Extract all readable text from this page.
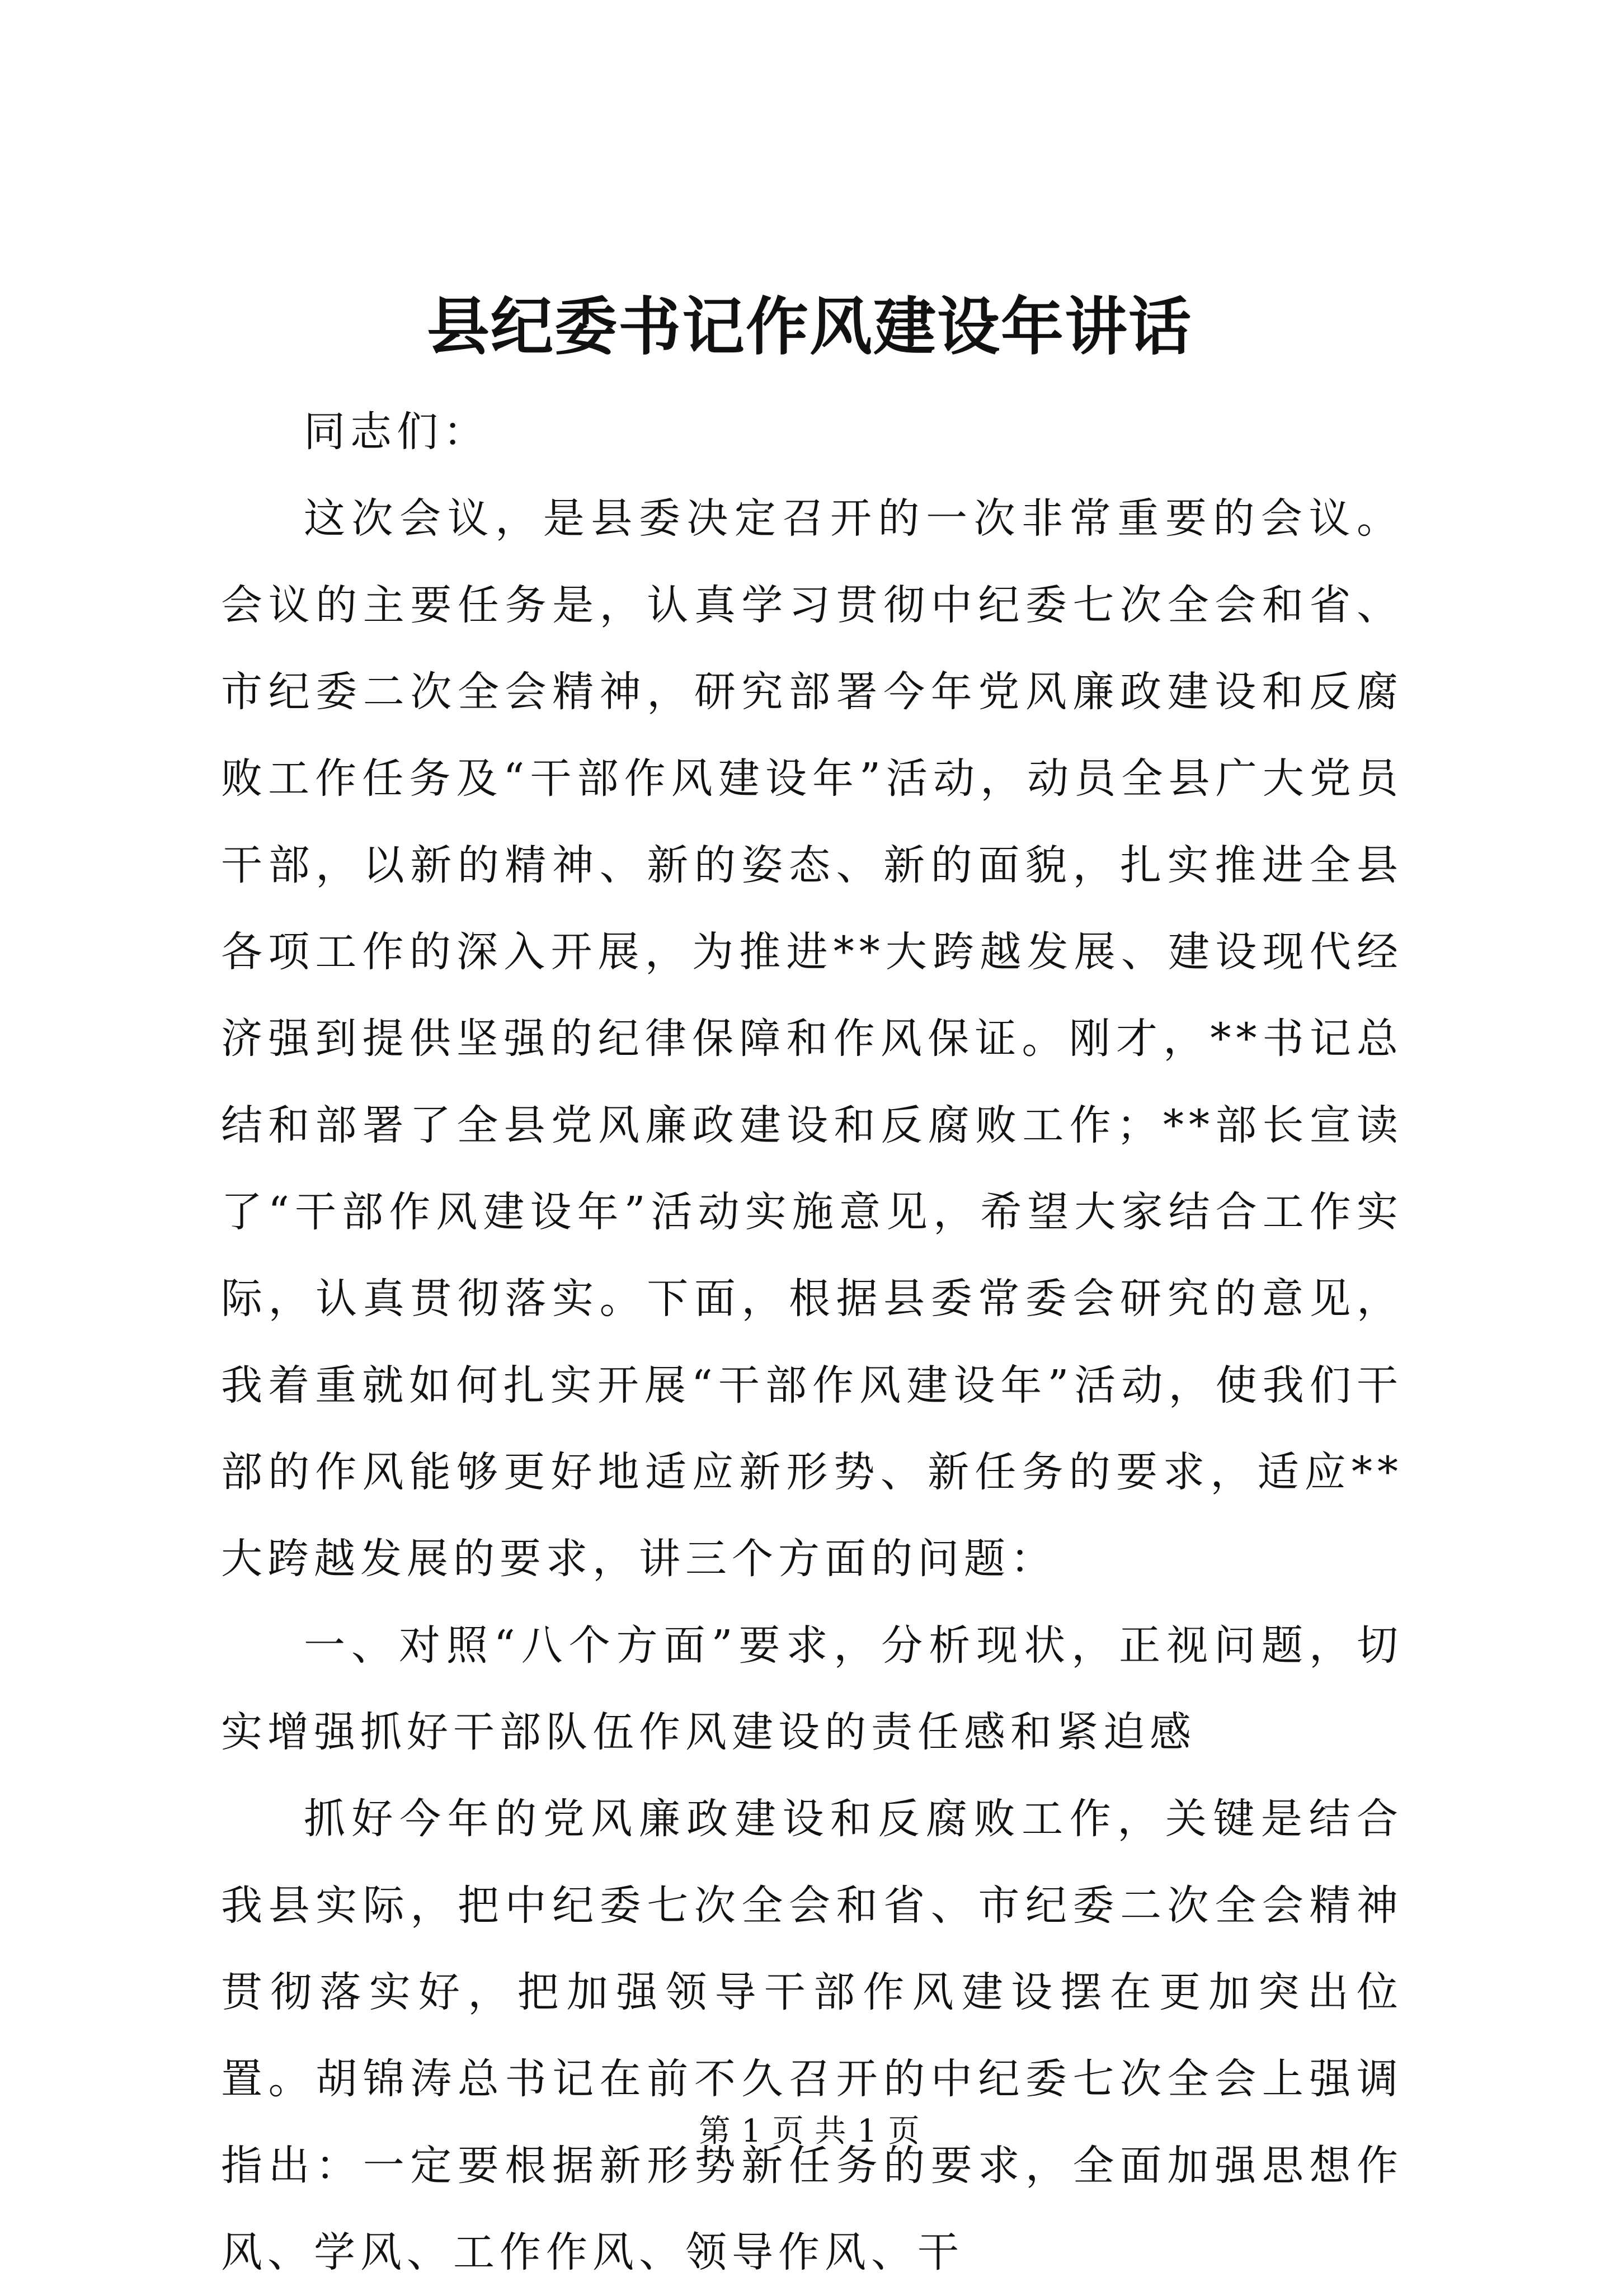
县纪委书记作风建设年讲话

同志们：

这次会议，是县委决定召开的一次非常重要的会议。会议的主要任务是，认真学习贯彻中纪委七次全会和省、市纪委二次全会精神，研究部署今年党风廉政建设和反腐败工作任务及“干部作风建设年”活动，动员全县广大党员干部，以新的精神、新的姿态、新的面貌，扎实推进全县各项工作的深入开展，为推进**大跨越发展、建设现代经济强到提供坚强的纪律保障和作风保证。刚才，**书记总结和部署了全县党风廉政建设和反腐败工作；**部长宣读了“干部作风建设年”活动实施意见，希望大家结合工作实际，认真贯彻落实。下面，根据县委常委会研究的意见，我着重就如何扎实开展“干部作风建设年”活动，使我们干部的作风能够更好地适应新形势、新任务的要求，适应**大跨越发展的要求，讲三个方面的问题：

一、对照“八个方面”要求，分析现状，正视问题，切实增强抓好干部队伍作风建设的责任感和紧迫感

抓好今年的党风廉政建设和反腐败工作，关键是结合我县实际，把中纪委七次全会和省、市纪委二次全会精神贯彻落实好，把加强领导干部作风建设摆在更加突出位置。胡锦涛总书记在前不久召开的中纪委七次全会上强调指出：一定要根据新形势新任务的要求，全面加强思想作风、学风、工作作风、领导作风、干

第 1 页 共 1 页
